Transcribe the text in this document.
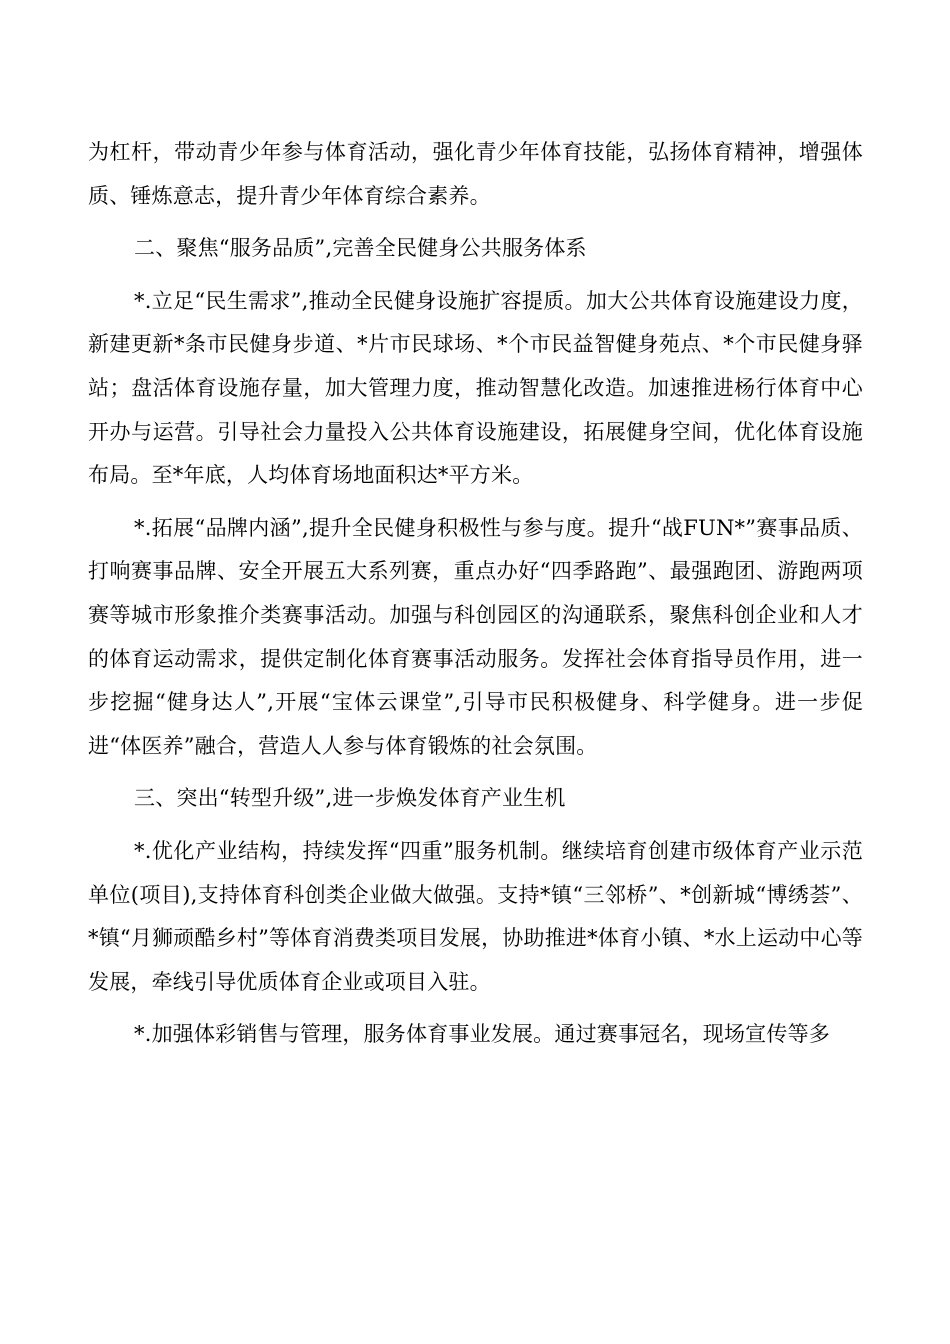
为杠杆，带动青少年参与体育活动，强化青少年体育技能，弘扬体育精神，增强体质、锤炼意志，提升青少年体育综合素养。

二、聚焦“服务品质”,完善全民健身公共服务体系

*.立足“民生需求”,推动全民健身设施扩容提质。加大公共体育设施建设力度，新建更新*条市民健身步道、*片市民球场、*个市民益智健身苑点、*个市民健身驿站；盘活体育设施存量，加大管理力度，推动智慧化改造。加速推进杨行体育中心开办与运营。引导社会力量投入公共体育设施建设，拓展健身空间，优化体育设施布局。至*年底，人均体育场地面积达*平方米。

*.拓展“品牌内涵”,提升全民健身积极性与参与度。提升“战FUN*”赛事品质、打响赛事品牌、安全开展五大系列赛，重点办好“四季路跑”、最强跑团、游跑两项赛等城市形象推介类赛事活动。加强与科创园区的沟通联系，聚焦科创企业和人才的体育运动需求，提供定制化体育赛事活动服务。发挥社会体育指导员作用，进一步挖掘“健身达人”,开展“宝体云课堂”,引导市民积极健身、科学健身。进一步促进“体医养”融合，营造人人参与体育锻炼的社会氛围。

三、突出“转型升级”,进一步焕发体育产业生机

*.优化产业结构，持续发挥“四重”服务机制。继续培育创建市级体育产业示范单位(项目),支持体育科创类企业做大做强。支持*镇“三邻桥”、*创新城“博绣荟”、*镇“月狮顽酷乡村”等体育消费类项目发展，协助推进*体育小镇、*水上运动中心等发展，牵线引导优质体育企业或项目入驻。

*.加强体彩销售与管理，服务体育事业发展。通过赛事冠名，现场宣传等多
